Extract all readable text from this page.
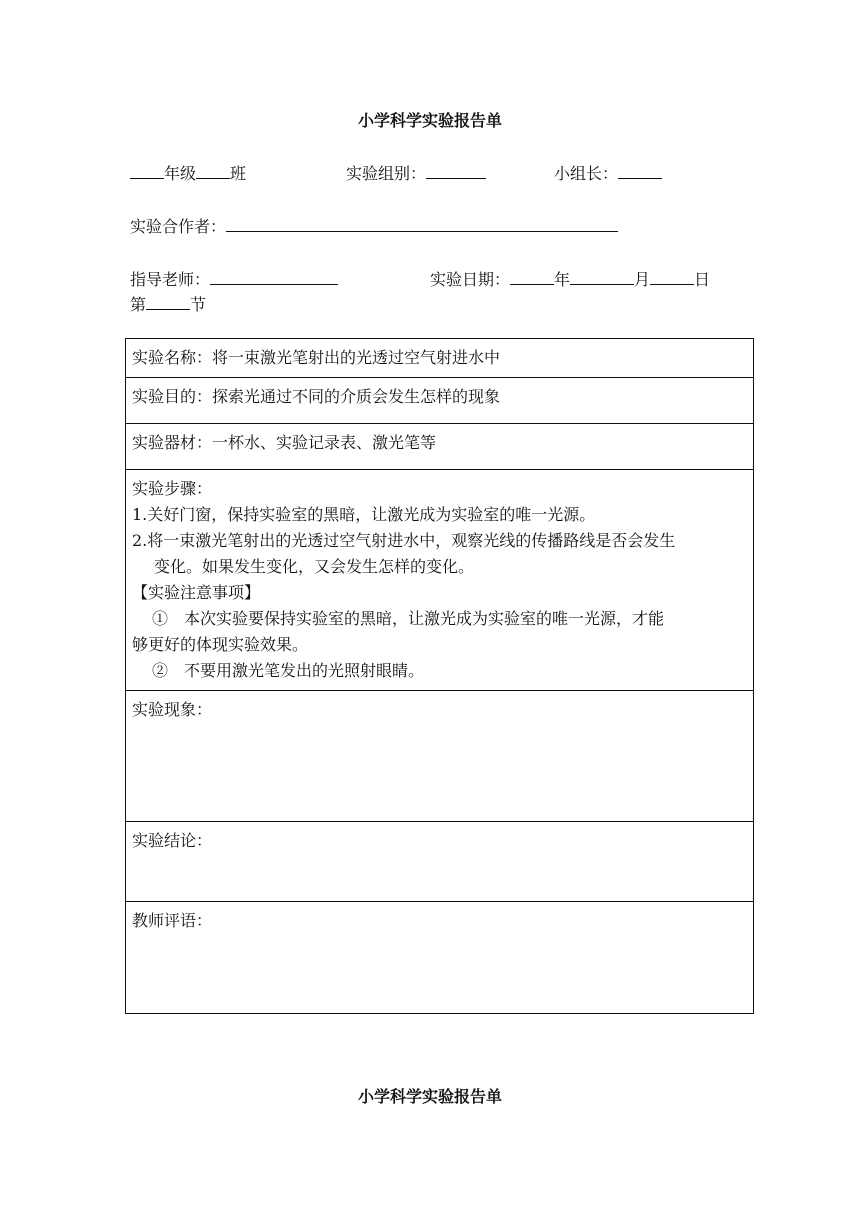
小学科学实验报告单
年级 班	实验组别：	小组长：
实验合作者：
指导老师：	实验日期：	年	月	日
第	节
实验名称：将一束激光笔射出的光透过空气射进水中
实验目的：探索光通过不同的介质会发生怎样的现象
实验器材：一杯水、实验记录表、激光笔等

实验步骤：
1.关好门窗，保持实验室的黑暗，让激光成为实验室的唯一光源。
2.将一束激光笔射出的光透过空气射进水中，观察光线的传播路线是否会发生
变化。如果发生变化，又会发生怎样的变化。
【实验注意事项】
①　本次实验要保持实验室的黑暗，让激光成为实验室的唯一光源，才能
够更好的体现实验效果。
②　不要用激光笔发出的光照射眼睛。

实验现象：
实验结论：
教师评语：
小学科学实验报告单
